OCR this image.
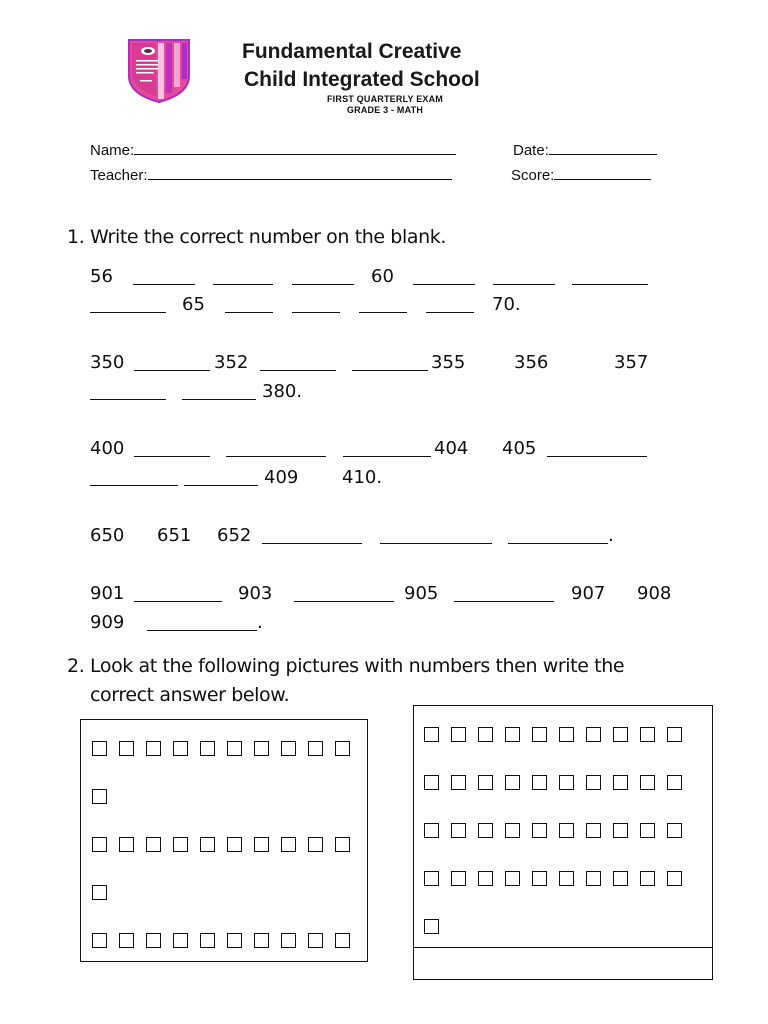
Fundamental Creative
Child Integrated School
FIRST QUARTERLY EXAM
GRADE 3 - MATH
Name:	Date:
Teacher:	Score:
1. Write the correct number on the blank.
56	60
65	70.
350	352	355	356	357
380.
400	404 405
409 410.
650 651 652	.
901	903	905	907 908
909	.
2. Look at the following pictures with numbers then write the
correct answer below.
